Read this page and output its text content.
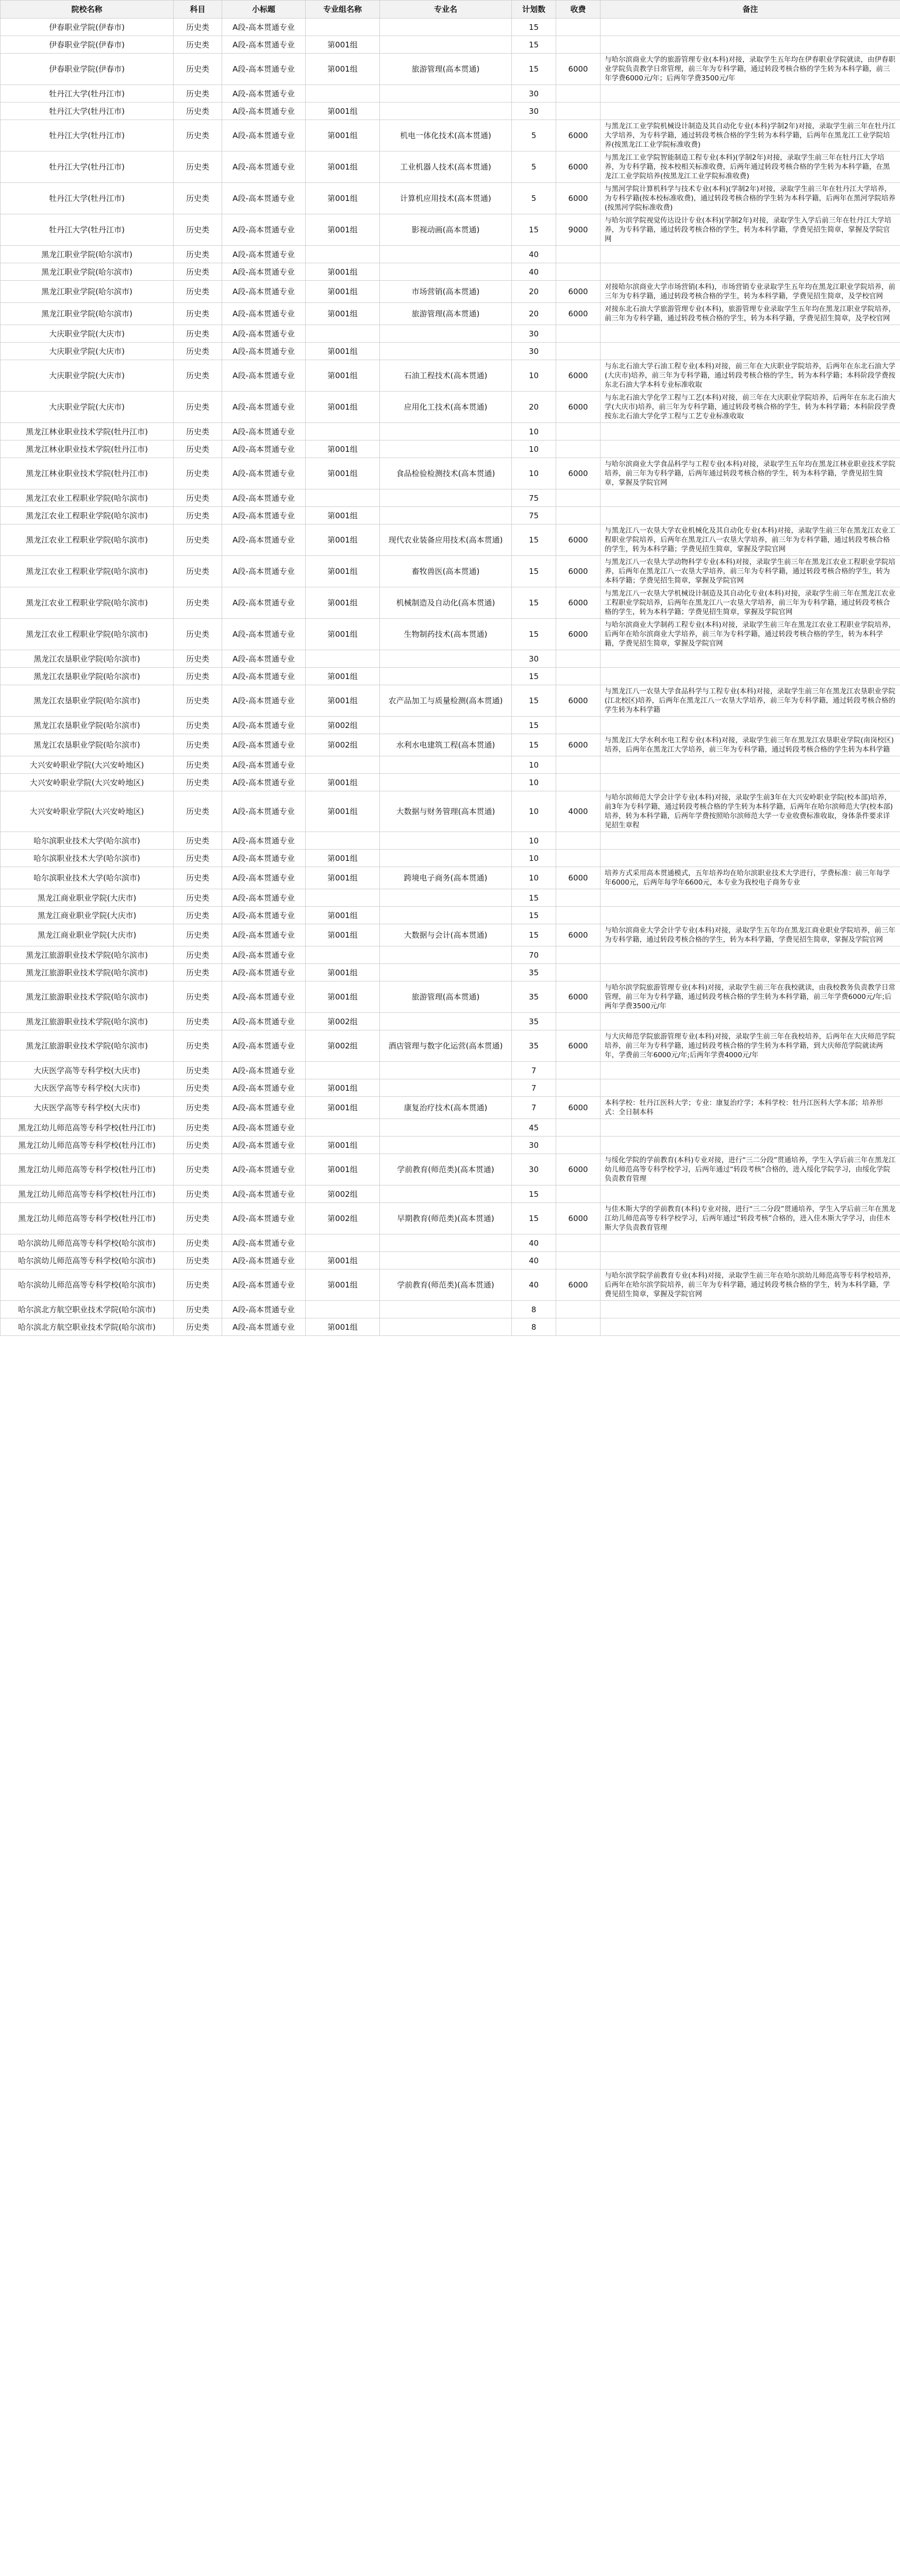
院校名称	科目	小标题	专业组名称	专业名	计划数	收费	备注
伊春职业学院(伊春市)	历史类	A段-高本贯通专业			15		
伊春职业学院(伊春市)	历史类	A段-高本贯通专业	第001组		15		
伊春职业学院(伊春市)	历史类	A段-高本贯通专业	第001组	旅游管理(高本贯通)	15	6000	与哈尔滨商业大学的旅游管理专业(本科)对接，录取学生五年均在伊春职业学院就读，由伊春职业学院负责教学日常管理，前三年为专科学籍，通过转段考核合格的学生转为本科学籍，前三年学费6000元/年；后两年学费3500元/年
牡丹江大学(牡丹江市)	历史类	A段-高本贯通专业			30		
牡丹江大学(牡丹江市)	历史类	A段-高本贯通专业	第001组		30		
牡丹江大学(牡丹江市)	历史类	A段-高本贯通专业	第001组	机电一体化技术(高本贯通)	5	6000	与黑龙江工业学院机械设计制造及其自动化专业(本科)学制2年)对接，录取学生前三年在牡丹江大学培养，为专科学籍，通过转段考核合格的学生转为本科学籍，后两年在黑龙江工业学院培养(按黑龙江工业学院标准收费)
牡丹江大学(牡丹江市)	历史类	A段-高本贯通专业	第001组	工业机器人技术(高本贯通)	5	6000	与黑龙江工业学院智能制造工程专业(本科)(学制2年)对接，录取学生前三年在牡丹江大学培养，为专科学籍，按本校相关标准收费，后两年通过转段考核合格的学生转为本科学籍，在黑龙江工业学院培养(按黑龙江工业学院标准收费)
牡丹江大学(牡丹江市)	历史类	A段-高本贯通专业	第001组	计算机应用技术(高本贯通)	5	6000	与黑河学院计算机科学与技术专业(本科)(学制2年)对接，录取学生前三年在牡丹江大学培养，为专科学籍(按本校标准收费)，通过转段考核合格的学生转为本科学籍，后两年在黑河学院培养(按黑河学院标准收费)
牡丹江大学(牡丹江市)	历史类	A段-高本贯通专业	第001组	影视动画(高本贯通)	15	9000	与哈尔滨学院视觉传达设计专业(本科)(学制2年)对接，录取学生入学后前三年在牡丹江大学培养，为专科学籍，通过转段考核合格的学生，转为本科学籍，学费见招生简章，掌握及学院官网
黑龙江职业学院(哈尔滨市)	历史类	A段-高本贯通专业			40		
黑龙江职业学院(哈尔滨市)	历史类	A段-高本贯通专业	第001组		40		
黑龙江职业学院(哈尔滨市)	历史类	A段-高本贯通专业	第001组	市场营销(高本贯通)	20	6000	对接哈尔滨商业大学市场营销(本科)，市场营销专业录取学生五年均在黑龙江职业学院培养，前三年为专科学籍，通过转段考核合格的学生，转为本科学籍，学费见招生简章，及学校官网
黑龙江职业学院(哈尔滨市)	历史类	A段-高本贯通专业	第001组	旅游管理(高本贯通)	20	6000	对接东北石油大学旅游管理专业(本科)，旅游管理专业录取学生五年均在黑龙江职业学院培养，前三年为专科学籍，通过转段考核合格的学生，转为本科学籍，学费见招生简章，及学校官网
大庆职业学院(大庆市)	历史类	A段-高本贯通专业			30		
大庆职业学院(大庆市)	历史类	A段-高本贯通专业	第001组		30		
大庆职业学院(大庆市)	历史类	A段-高本贯通专业	第001组	石油工程技术(高本贯通)	10	6000	与东北石油大学石油工程专业(本科)对接，前三年在大庆职业学院培养，后两年在东北石油大学(大庆市)培养，前三年为专科学籍，通过转段考核合格的学生，转为本科学籍；本科阶段学费按东北石油大学本科专业标准收取
大庆职业学院(大庆市)	历史类	A段-高本贯通专业	第001组	应用化工技术(高本贯通)	20	6000	与东北石油大学化学工程与工艺(本科)对接，前三年在大庆职业学院培养，后两年在东北石油大学(大庆市)培养，前三年为专科学籍，通过转段考核合格的学生，转为本科学籍；本科阶段学费按东北石油大学化学工程与工艺专业标准收取
黑龙江林业职业技术学院(牡丹江市)	历史类	A段-高本贯通专业			10		
黑龙江林业职业技术学院(牡丹江市)	历史类	A段-高本贯通专业	第001组		10		
黑龙江林业职业技术学院(牡丹江市)	历史类	A段-高本贯通专业	第001组	食品检验检测技术(高本贯通)	10	6000	与哈尔滨商业大学食品科学与工程专业(本科)对接，录取学生五年均在黑龙江林业职业技术学院培养，前三年为专科学籍，后两年通过转段考核合格的学生，转为本科学籍，学费见招生简章，掌握及学院官网
黑龙江农业工程职业学院(哈尔滨市)	历史类	A段-高本贯通专业			75		
黑龙江农业工程职业学院(哈尔滨市)	历史类	A段-高本贯通专业	第001组		75		
黑龙江农业工程职业学院(哈尔滨市)	历史类	A段-高本贯通专业	第001组	现代农业装备应用技术(高本贯通)	15	6000	与黑龙江八一农垦大学农业机械化及其自动化专业(本科)对接，录取学生前三年在黑龙江农业工程职业学院培养，后两年在黑龙江八一农垦大学培养，前三年为专科学籍，通过转段考核合格的学生，转为本科学籍；学费见招生简章，掌握及学院官网
黑龙江农业工程职业学院(哈尔滨市)	历史类	A段-高本贯通专业	第001组	畜牧兽医(高本贯通)	15	6000	与黑龙江八一农垦大学动物科学专业(本科)对接，录取学生前三年在黑龙江农业工程职业学院培养，后两年在黑龙江八一农垦大学培养，前三年为专科学籍，通过转段考核合格的学生，转为本科学籍；学费见招生简章，掌握及学院官网
黑龙江农业工程职业学院(哈尔滨市)	历史类	A段-高本贯通专业	第001组	机械制造及自动化(高本贯通)	15	6000	与黑龙江八一农垦大学机械设计制造及其自动化专业(本科)对接，录取学生前三年在黑龙江农业工程职业学院培养，后两年在黑龙江八一农垦大学培养，前三年为专科学籍，通过转段考核合格的学生，转为本科学籍；学费见招生简章，掌握及学院官网
黑龙江农业工程职业学院(哈尔滨市)	历史类	A段-高本贯通专业	第001组	生物制药技术(高本贯通)	15	6000	与哈尔滨商业大学制药工程专业(本科)对接，录取学生前三年在黑龙江农业工程职业学院培养，后两年在哈尔滨商业大学培养，前三年为专科学籍，通过转段考核合格的学生，转为本科学籍，学费见招生简章，掌握及学院官网
黑龙江农垦职业学院(哈尔滨市)	历史类	A段-高本贯通专业			30		
黑龙江农垦职业学院(哈尔滨市)	历史类	A段-高本贯通专业	第001组		15		
黑龙江农垦职业学院(哈尔滨市)	历史类	A段-高本贯通专业	第001组	农产品加工与质量检测(高本贯通)	15	6000	与黑龙江八一农垦大学食品科学与工程专业(本科)对接，录取学生前三年在黑龙江农垦职业学院(江北校区)培养，后两年在黑龙江八一农垦大学培养，前三年为专科学籍，通过转段考核合格的学生转为本科学籍
黑龙江农垦职业学院(哈尔滨市)	历史类	A段-高本贯通专业	第002组		15		
黑龙江农垦职业学院(哈尔滨市)	历史类	A段-高本贯通专业	第002组	水利水电建筑工程(高本贯通)	15	6000	与黑龙江大学水利水电工程专业(本科)对接，录取学生前三年在黑龙江农垦职业学院(南岗校区)培养，后两年在黑龙江大学培养，前三年为专科学籍，通过转段考核合格的学生转为本科学籍
大兴安岭职业学院(大兴安岭地区)	历史类	A段-高本贯通专业			10		
大兴安岭职业学院(大兴安岭地区)	历史类	A段-高本贯通专业	第001组		10		
大兴安岭职业学院(大兴安岭地区)	历史类	A段-高本贯通专业	第001组	大数据与财务管理(高本贯通)	10	4000	与哈尔滨师范大学会计学专业(本科)对接，录取学生前3年在大兴安岭职业学院(校本部)培养，前3年为专科学籍，通过转段考核合格的学生转为本科学籍，后两年在哈尔滨师范大学(校本部)培养，转为本科学籍，后两年学费按照哈尔滨师范大学一专业收费标准收取，身体条件要求详见招生章程
哈尔滨职业技术大学(哈尔滨市)	历史类	A段-高本贯通专业			10		
哈尔滨职业技术大学(哈尔滨市)	历史类	A段-高本贯通专业	第001组		10		
哈尔滨职业技术大学(哈尔滨市)	历史类	A段-高本贯通专业	第001组	跨境电子商务(高本贯通)	10	6000	培养方式采用高本贯通模式，五年培养均在哈尔滨职业技术大学进行，学费标准：前三年每学年6000元，后两年每学年6600元，本专业为我校电子商务专业
黑龙江商业职业学院(大庆市)	历史类	A段-高本贯通专业			15		
黑龙江商业职业学院(大庆市)	历史类	A段-高本贯通专业	第001组		15		
黑龙江商业职业学院(大庆市)	历史类	A段-高本贯通专业	第001组	大数据与会计(高本贯通)	15	6000	与哈尔滨商业大学会计学专业(本科)对接，录取学生五年均在黑龙江商业职业学院培养，前三年为专科学籍，通过转段考核合格的学生，转为本科学籍，学费见招生简章，掌握及学院官网
黑龙江旅游职业技术学院(哈尔滨市)	历史类	A段-高本贯通专业			70		
黑龙江旅游职业技术学院(哈尔滨市)	历史类	A段-高本贯通专业	第001组		35		
黑龙江旅游职业技术学院(哈尔滨市)	历史类	A段-高本贯通专业	第001组	旅游管理(高本贯通)	35	6000	与哈尔滨学院旅游管理专业(本科)对接，录取学生前三年在我校就读，由我校教务负责教学日常管理，前三年为专科学籍，通过转段考核合格的学生转为本科学籍，前三年学费6000元/年;后两年学费3500元/年
黑龙江旅游职业技术学院(哈尔滨市)	历史类	A段-高本贯通专业	第002组		35		
黑龙江旅游职业技术学院(哈尔滨市)	历史类	A段-高本贯通专业	第002组	酒店管理与数字化运营(高本贯通)	35	6000	与大庆师范学院旅游管理专业(本科)对接，录取学生前三年在我校培养，后两年在大庆师范学院培养，前三年为专科学籍，通过转段考核合格的学生转为本科学籍，到大庆师范学院就读两年，学费前三年6000元/年;后两年学费4000元/年
大庆医学高等专科学校(大庆市)	历史类	A段-高本贯通专业			7		
大庆医学高等专科学校(大庆市)	历史类	A段-高本贯通专业	第001组		7		
大庆医学高等专科学校(大庆市)	历史类	A段-高本贯通专业	第001组	康复治疗技术(高本贯通)	7	6000	本科学校：牡丹江医科大学；专业：康复治疗学；本科学校：牡丹江医科大学本部；培养形式：全日制本科
黑龙江幼儿师范高等专科学校(牡丹江市)	历史类	A段-高本贯通专业			45		
黑龙江幼儿师范高等专科学校(牡丹江市)	历史类	A段-高本贯通专业	第001组		30		
黑龙江幼儿师范高等专科学校(牡丹江市)	历史类	A段-高本贯通专业	第001组	学前教育(师范类)(高本贯通)	30	6000	与绥化学院的学前教育(本科)专业对接，进行“三二分段”贯通培养，学生入学后前三年在黑龙江幼儿师范高等专科学校学习，后两年通过“转段考核”合格的，进入绥化学院学习，由绥化学院负责教育管理
黑龙江幼儿师范高等专科学校(牡丹江市)	历史类	A段-高本贯通专业	第002组		15		
黑龙江幼儿师范高等专科学校(牡丹江市)	历史类	A段-高本贯通专业	第002组	早期教育(师范类)(高本贯通)	15	6000	与佳木斯大学的学前教育(本科)专业对接，进行“三二分段”贯通培养，学生入学后前三年在黑龙江幼儿师范高等专科学校学习，后两年通过“转段考核”合格的，进入佳木斯大学学习，由佳木斯大学负责教育管理
哈尔滨幼儿师范高等专科学校(哈尔滨市)	历史类	A段-高本贯通专业			40		
哈尔滨幼儿师范高等专科学校(哈尔滨市)	历史类	A段-高本贯通专业	第001组		40		
哈尔滨幼儿师范高等专科学校(哈尔滨市)	历史类	A段-高本贯通专业	第001组	学前教育(师范类)(高本贯通)	40	6000	与哈尔滨学院学前教育专业(本科)对接，录取学生前三年在哈尔滨幼儿师范高等专科学校培养，后两年在哈尔滨学院培养，前三年为专科学籍，通过转段考核合格的学生，转为本科学籍，学费见招生简章，掌握及学院官网
哈尔滨北方航空职业技术学院(哈尔滨市)	历史类	A段-高本贯通专业			8		
哈尔滨北方航空职业技术学院(哈尔滨市)	历史类	A段-高本贯通专业	第001组		8		
